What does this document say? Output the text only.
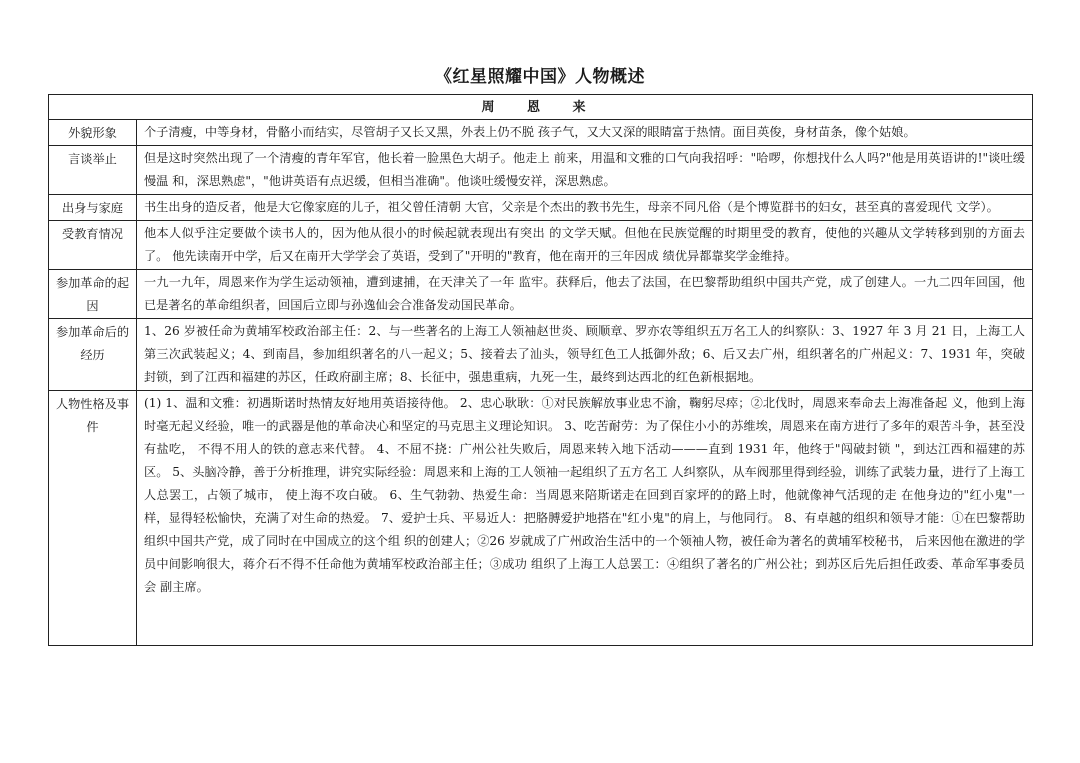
《红星照耀中国》人物概述
周 恩 来	
外貌形象	个子清瘦，中等身材，骨骼小而结实，尽管胡子又长又黑，外表上仍不脱 孩子气，又大又深的眼睛富于热情。面目英俊，身材苗条，像个姑娘。
言谈举止	但是这时突然出现了一个清瘦的青年军官，他长着一脸黑色大胡子。他走上 前来，用温和文雅的口气向我招呼："哈啰，你想找什么人吗?"他是用英语讲的!"谈吐缓慢温 和，深思熟虑"，"他讲英语有点迟缓，但相当准确"。他谈吐缓慢安祥，深思熟虑。
出身与家庭	书生出身的造反者，他是大它像家庭的儿子，祖父曾任清朝 大官，父亲是个杰出的教书先生，母亲不同凡俗（是个博览群书的妇女，甚至真的喜爱现代 文学）。
受教育情况	他本人似乎注定要做个读书人的，因为他从很小的时候起就表现出有突出 的文学天赋。但他在民族觉醒的时期里受的教育，使他的兴趣从文学转移到别的方面去了。 他先读南开中学，后又在南开大学学会了英语，受到了"开明的"教育，他在南开的三年因成 绩优异都靠奖学金维持。
参加革命的起因	一九一九年，周恩来作为学生运动领袖，遭到逮捕，在天津关了一年 监牢。获释后，他去了法国，在巴黎帮助组织中国共产党，成了创建人。一九二四年回国，他已是著名的革命组织者，回国后立即与孙逸仙会合准备发动国民革命。
参加革命后的经历	1、26 岁被任命为黄埔军校政治部主任：2、与一些著名的上海工人领袖赵世炎、顾顺章、罗亦农等组织五万名工人的纠察队：3、1927 年 3 月 21 日，上海工人第三次武装起义；4、到南昌，参加组织著名的八一起义；5、接着去了汕头，领导红色工人抵御外敌；6、后又去广州，组织著名的广州起义：7、1931 年，突破封锁，到了江西和福建的苏区，任政府副主席；8、长征中，强患重病，九死一生，最终到达西北的红色新根据地。
人物性格及事件	(1) 1、温和文雅：初遇斯诺时热情友好地用英语接待他。 2、忠心耿耿：①对民族解放事业忠不渝，鞠躬尽瘁；②北伐时，周恩来奉命去上海准备起 义，他到上海时毫无起义经验，唯一的武器是他的革命决心和坚定的马克思主义理论知识。 3、吃苦耐劳：为了保住小小的苏维埃，周恩来在南方进行了多年的艰苦斗争，甚至没有盐吃， 不得不用人的铁的意志来代替。 4、不屈不挠：广州公社失败后，周恩来转入地下活动———直到 1931 年，他终于"闯破封锁 "，到达江西和福建的苏区。 5、头脑冷静，善于分析推理，讲究实际经验：周恩来和上海的工人领袖一起组织了五方名工 人纠察队，从车阀那里得到经验，训练了武装力量，进行了上海工人总罢工，占领了城市， 使上海不攻白破。 6、生气勃勃、热爱生命：当周恩来陪斯诺走在回到百家坪的的路上时，他就像神气活现的走 在他身边的"红小鬼"一样，显得轻松愉快，充满了对生命的热爱。 7、爱护士兵、平易近人：把胳膊爱护地搭在"红小鬼"的肩上，与他同行。 8、有卓越的组织和领导才能：①在巴黎帮助组织中国共产党，成了同时在中国成立的这个组 织的创建人；②26 岁就成了广州政治生活中的一个领袖人物，被任命为著名的黄埔军校秘书， 后来因他在激进的学员中间影响很大，蒋介石不得不任命他为黄埔军校政治部主任；③成功 组织了上海工人总罢工：④组织了著名的广州公社；到苏区后先后担任政委、革命军事委员会 副主席。
